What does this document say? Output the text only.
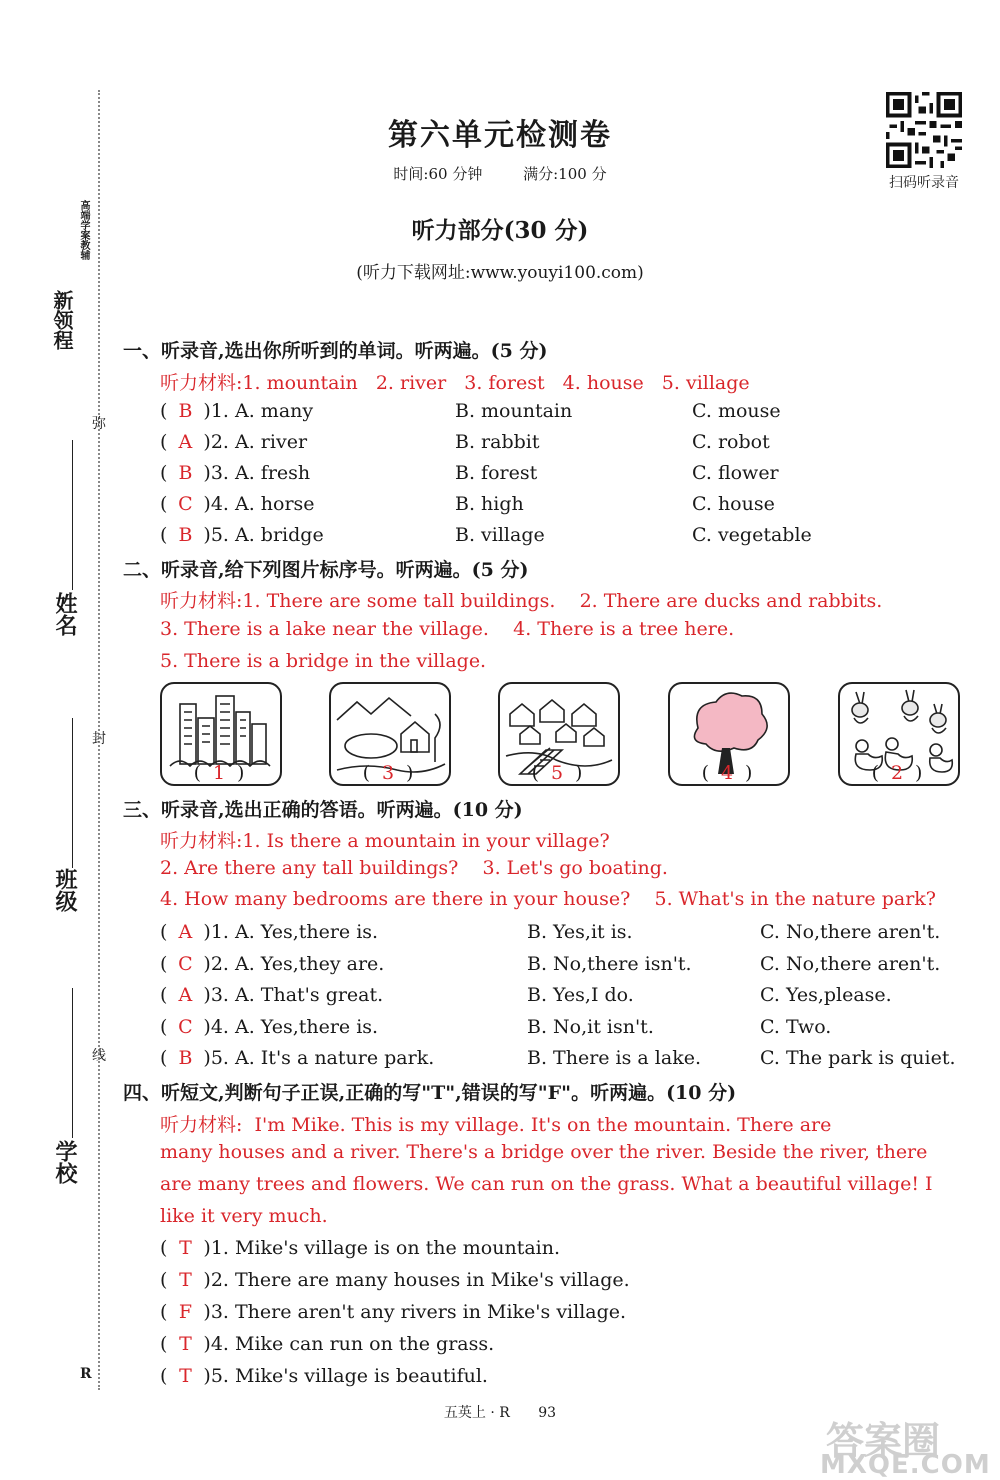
新领程
高端学案教辅
弥
封
线
姓名
班级
学校
R
第六单元检测卷
时间:60 分钟	满分:100 分	扫码听录音
听力部分(30 分)
(听力下载网址:www.youyi100.com)
一、听录音,选出你所听到的单词。听两遍。(5 分)
听力材料:1. mountain 2. river 3. forest 4. house 5. village
( B )1. A. many	B. mountain	C. mouse
( A )2. A. river	B. rabbit	C. robot
( B )3. A. fresh	B. forest	C. flower
( C )4. A. horse	B. high	C. house
( B )5. A. bridge	B. village	C. vegetable
二、听录音,给下列图片标序号。听两遍。(5 分)
听力材料:1. There are some tall buildings.    2. There are ducks and rabbits.
3. There is a lake near the village.    4. There is a tree here.
5. There is a bridge in the village.
( 1 )	( 3 )	( 5 )	( 4 )	( 2 )
三、听录音,选出正确的答语。听两遍。(10 分)
听力材料:1. Is there a mountain in your village?
2. Are there any tall buildings?    3. Let's go boating.
4. How many bedrooms are there in your house?    5. What's in the nature park?
( A )1. A. Yes,there is.	B. Yes,it is.	C. No,there aren't.
( C )2. A. Yes,they are.	B. No,there isn't.	C. No,there aren't.
( A )3. A. That's great.	B. Yes,I do.	C. Yes,please.
( C )4. A. Yes,there is.	B. No,it isn't.	C. Two.
( B )5. A. It's a nature park.	B. There is a lake.	C. The park is quiet.
四、听短文,判断句子正误,正确的写"T",错误的写"F"。听两遍。(10 分)
听力材料: I'm Mike. This is my village. It's on the mountain. There are
many houses and a river. There's a bridge over the river. Beside the river, there
are many trees and flowers. We can run on the grass. What a beautiful village! I
like it very much.
( T )1. Mike's village is on the mountain.
( T )2. There are many houses in Mike's village.
( F )3. There aren't any rivers in Mike's village.
( T )4. Mike can run on the grass.
( T )5. Mike's village is beautiful.
五英上 · R 93
答案圈
MXQE.COM
